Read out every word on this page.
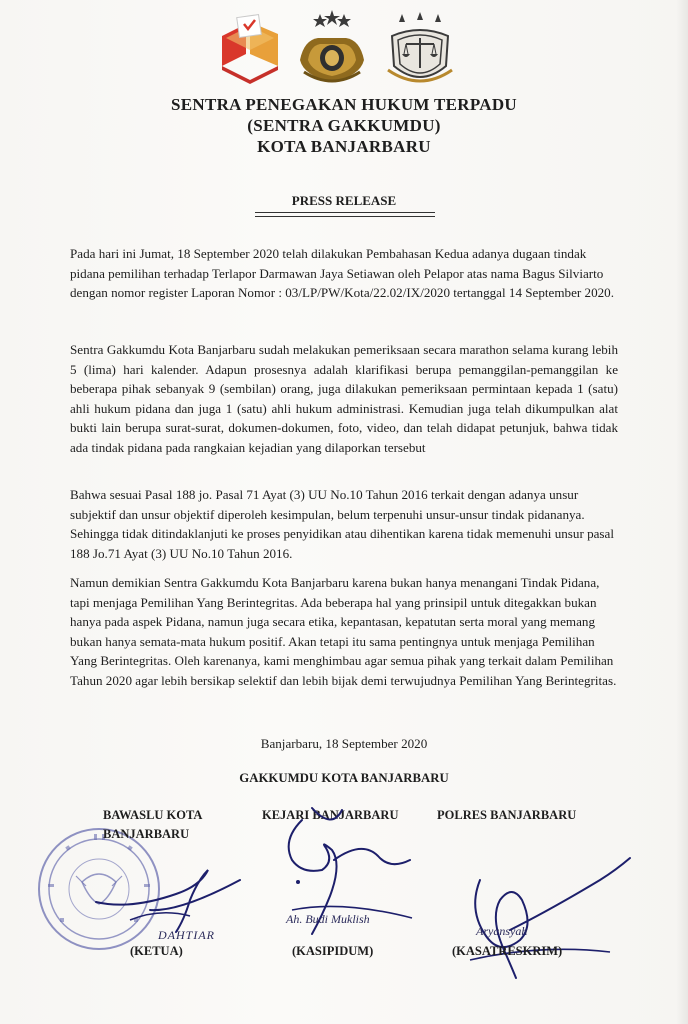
SENTRA PENEGAKAN HUKUM TERPADU
(SENTRA GAKKUMDU)
KOTA BANJARBARU
PRESS RELEASE

Pada hari ini Jumat, 18 September 2020 telah dilakukan Pembahasan Kedua adanya dugaan tindak pidana pemilihan terhadap Terlapor Darmawan Jaya Setiawan oleh Pelapor atas nama Bagus Silviarto dengan nomor register Laporan Nomor : 03/LP/PW/Kota/22.02/IX/2020 tertanggal 14 September 2020.

Sentra Gakkumdu Kota Banjarbaru sudah melakukan pemeriksaan secara marathon selama kurang lebih 5 (lima) hari kalender. Adapun prosesnya adalah klarifikasi berupa pemanggilan-pemanggilan ke beberapa pihak sebanyak 9 (sembilan) orang, juga dilakukan pemeriksaan permintaan kepada 1 (satu) ahli hukum pidana dan juga 1 (satu) ahli hukum administrasi. Kemudian juga telah dikumpulkan alat bukti lain berupa surat-surat, dokumen-dokumen, foto, video, dan telah didapat petunjuk, bahwa tidak ada tindak pidana pada rangkaian kejadian yang dilaporkan tersebut

Bahwa sesuai Pasal 188 jo. Pasal 71 Ayat (3) UU No.10 Tahun 2016 terkait dengan adanya unsur subjektif dan unsur objektif diperoleh kesimpulan, belum terpenuhi unsur-unsur tindak pidananya. Sehingga tidak ditindaklanjuti ke proses penyidikan atau dihentikan karena tidak memenuhi unsur pasal 188 Jo.71 Ayat (3) UU No.10 Tahun 2016.

Namun demikian Sentra Gakkumdu Kota Banjarbaru karena bukan hanya menangani Tindak Pidana, tapi menjaga Pemilihan Yang Berintegritas. Ada beberapa hal yang prinsipil untuk ditegakkan bukan hanya pada aspek Pidana, namun juga secara etika, kepantasan, kepatutan serta moral yang memang bukan hanya semata-mata hukum positif. Akan tetapi itu sama pentingnya untuk menjaga Pemilihan Yang Berintegritas. Oleh karenanya, kami menghimbau agar semua pihak yang terkait dalam Pemilihan Tahun 2020 agar lebih bersikap selektif dan lebih bijak demi terwujudnya Pemilihan Yang Berintegritas.

Banjarbaru, 18 September 2020
GAKKUMDU KOTA BANJARBARU
BAWASLU KOTA
BANJARBARU
KEJARI BANJARBARU	POLRES BANJARBARU
DAHTIAR
Ah. Budi Muklish
Aryansyah
(KETUA)	(KASIPIDUM)	(KASATRESKRIM)
